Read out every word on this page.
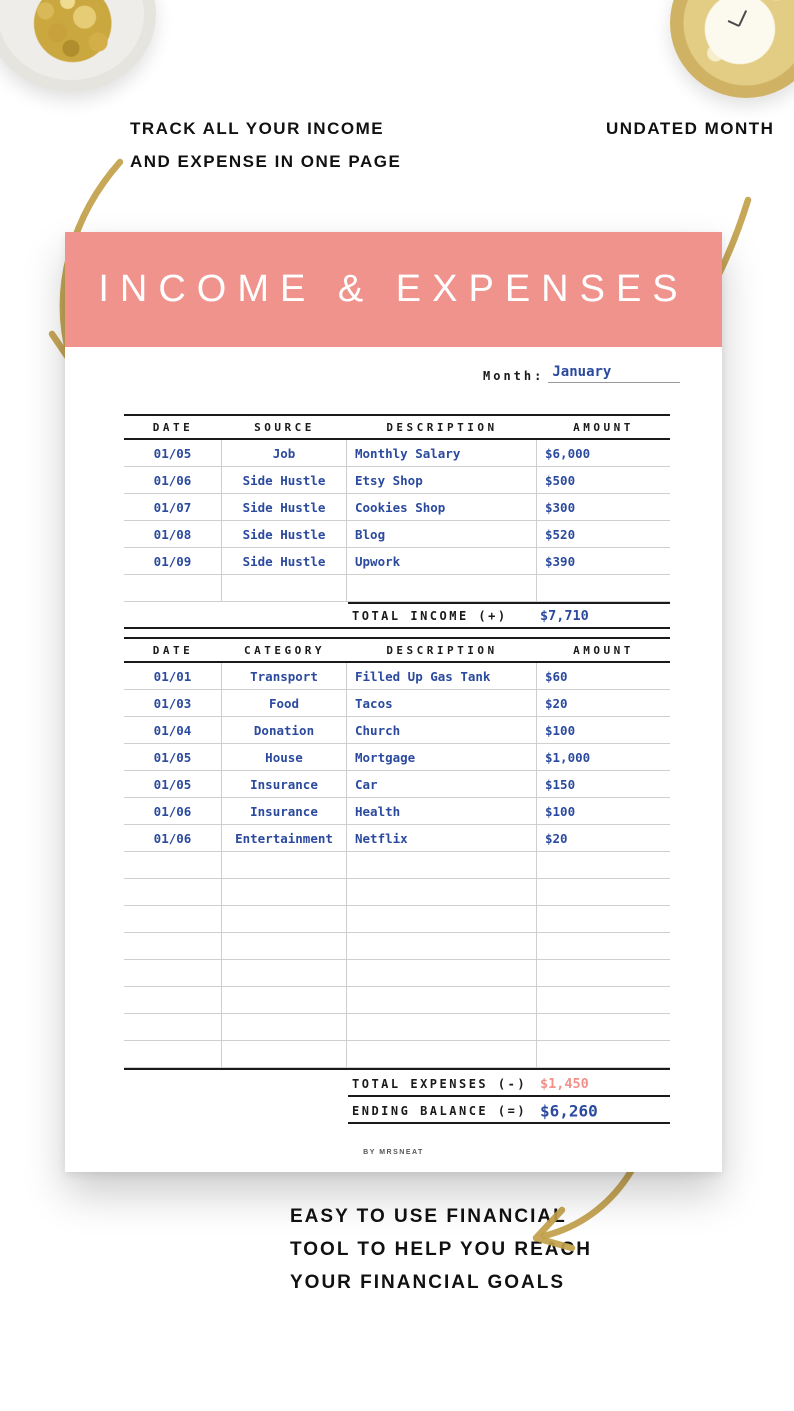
TRACK ALL YOUR INCOME
AND EXPENSE IN ONE PAGE
UNDATED MONTH
EASY TO USE FINANCIAL
TOOL TO HELP YOU REACH
YOUR FINANCIAL GOALS
INCOME & EXPENSES
Month: January
DATE	SOURCE	DESCRIPTION	AMOUNT
01/05	Job	Monthly Salary	$6,000
01/06	Side Hustle	Etsy Shop	$500
01/07	Side Hustle	Cookies Shop	$300
01/08	Side Hustle	Blog	$520
01/09	Side Hustle	Upwork	$390
TOTAL INCOME (+) $7,710
DATE	CATEGORY	DESCRIPTION	AMOUNT
01/01	Transport	Filled Up Gas Tank	$60
01/03	Food	Tacos	$20
01/04	Donation	Church	$100
01/05	House	Mortgage	$1,000
01/05	Insurance	Car	$150
01/06	Insurance	Health	$100
01/06	Entertainment	Netflix	$20
TOTAL EXPENSES (-) $1,450
ENDING BALANCE (=) $6,260
BY MRSNEAT
